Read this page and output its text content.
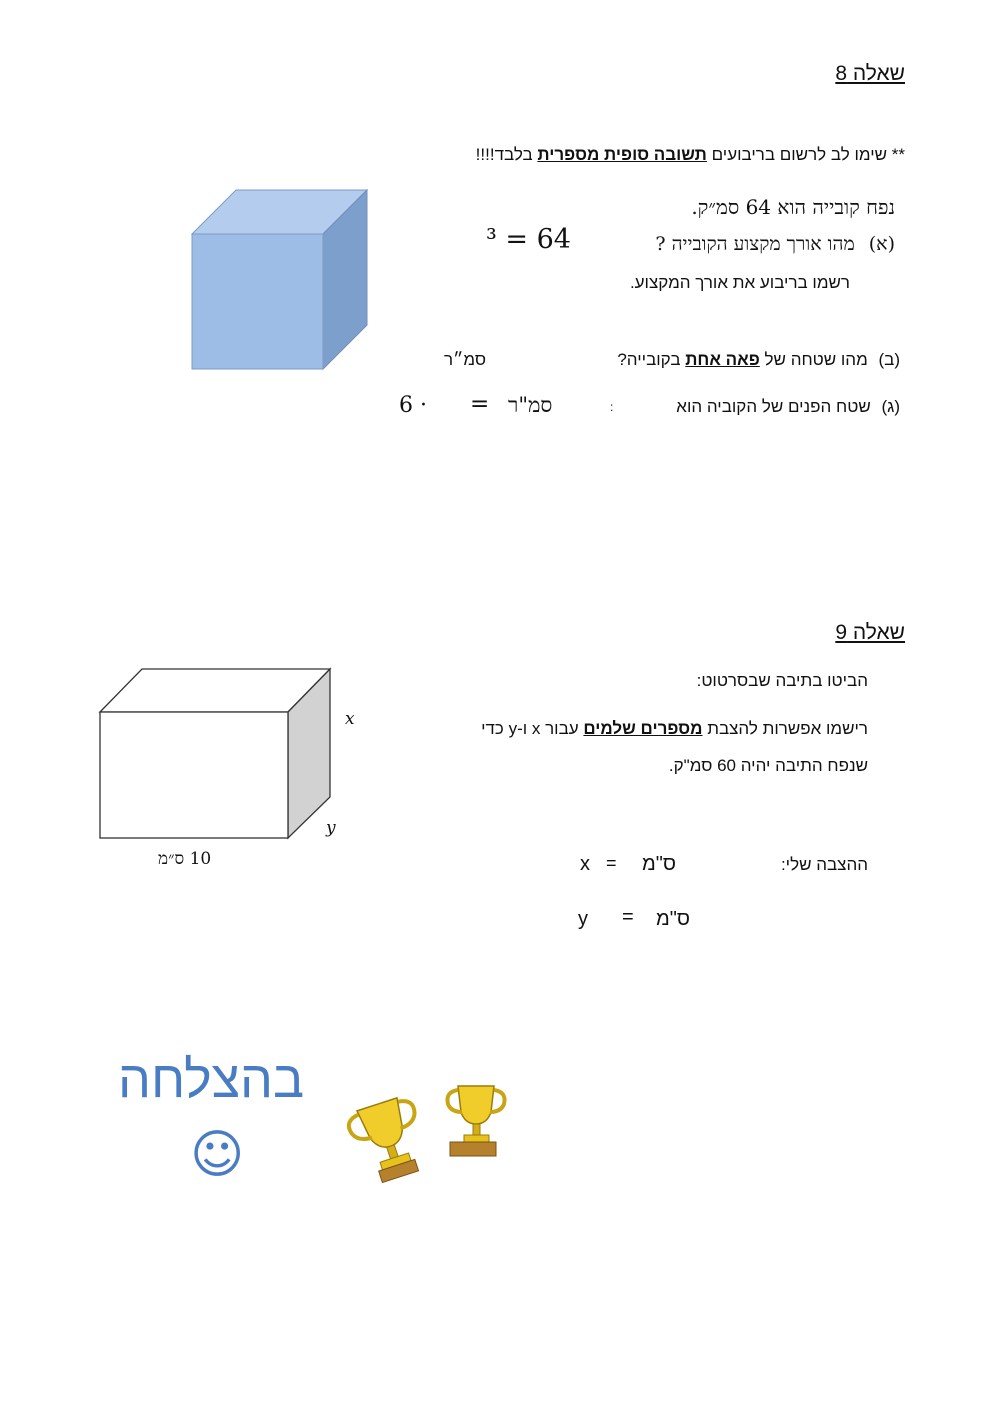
שאלה 8
** שימו לב לרשום בריבועים תשובה סופית מספרית בלבד!!!!
נפח קובייה הוא 64 סמ״ק.
(א) מהו אורך מקצוע הקובייה ?
³ = 64
רשמו בריבוע את אורך המקצוע.
(ב) מהו שטחה של פאה אחת בקובייה?
סמ״ר
(ג) שטח הפנים של הקוביה הוא
:
סמ"ר
=
6 ·
שאלה 9
x
y
10 ס״מ
הביטו בתיבה שבסרטוט:
רישמו אפשרות להצבת מספרים שלמים עבור x ו-y כדי
שנפח התיבה יהיה 60 סמ"ק.
ההצבה שלי:
x = ס"מ
y = ס"מ
בהצלחה
☺
